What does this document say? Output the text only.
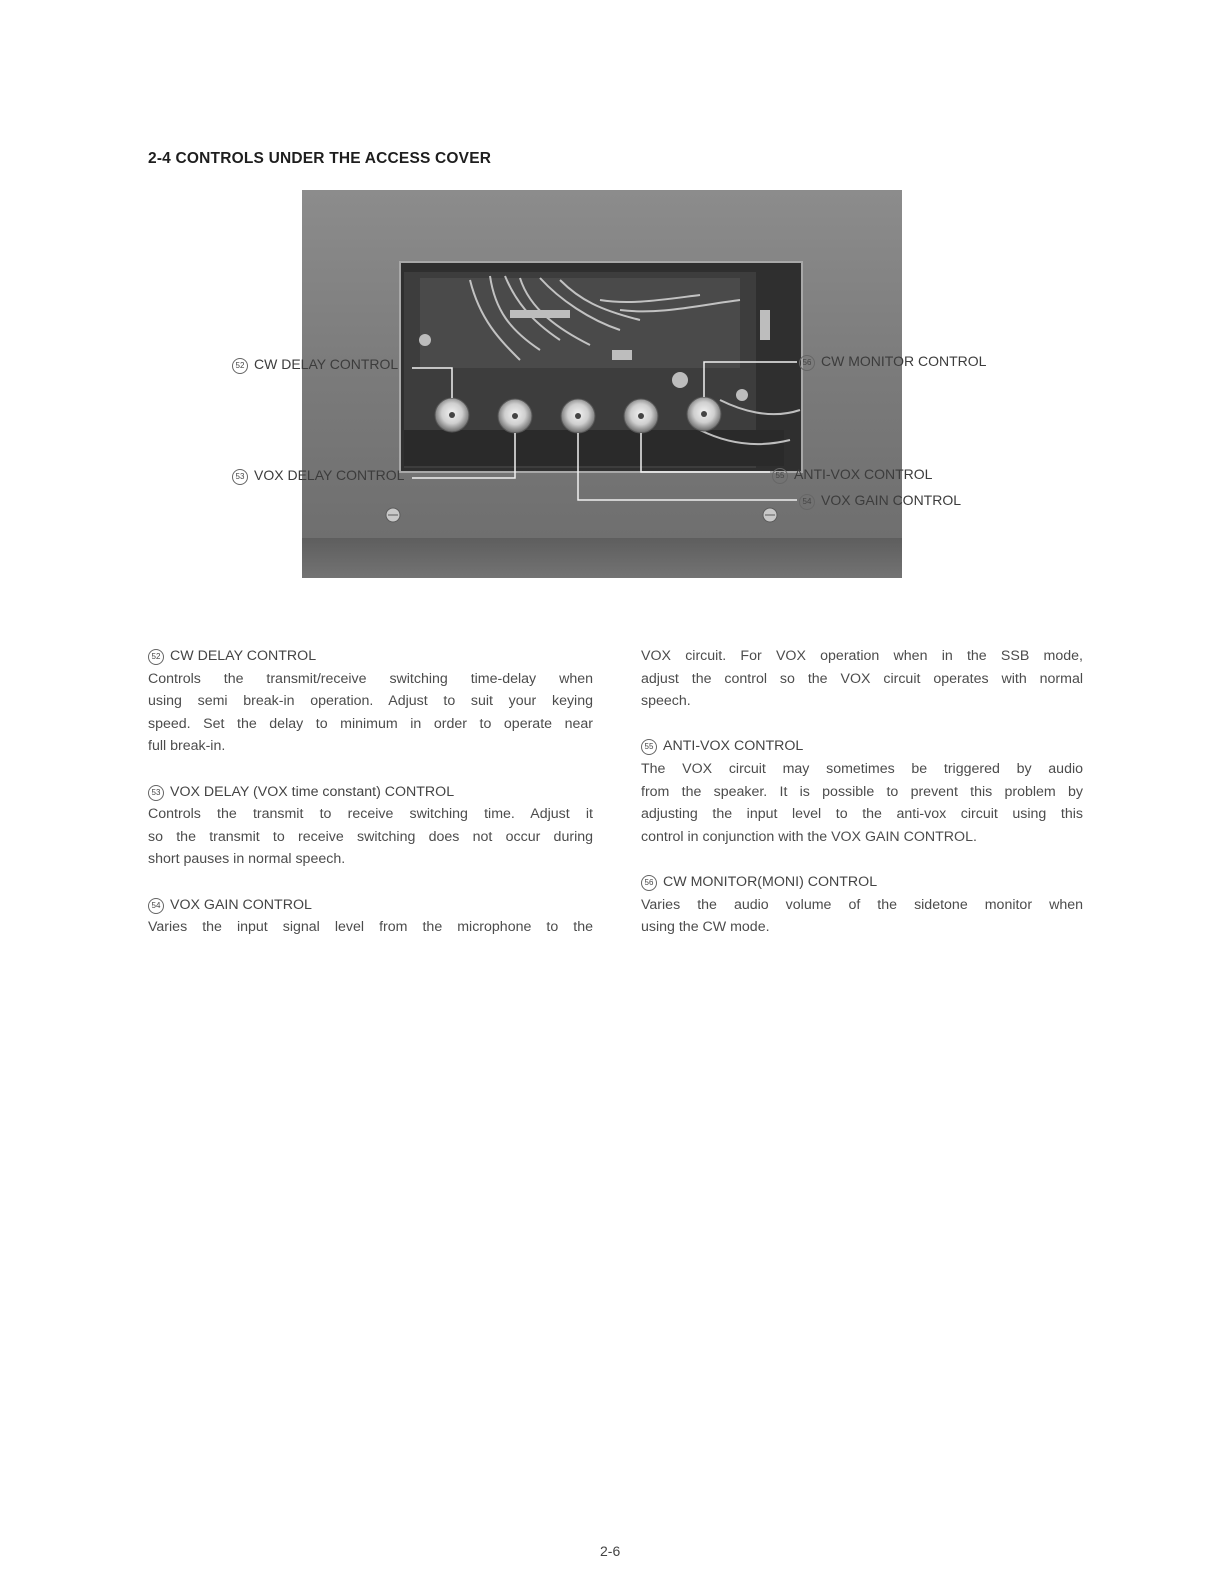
2-4 CONTROLS UNDER THE ACCESS COVER
52 CW DELAY CONTROL
53 VOX DELAY CONTROL
56 CW MONITOR CONTROL
55 ANTI-VOX CONTROL
54 VOX GAIN CONTROL
52 CW DELAY CONTROL

Controls the transmit/receive switching time-delay when

using semi break-in operation. Adjust to suit your keying

speed. Set the delay to minimum in order to operate near

full break-in.

53 VOX DELAY (VOX time constant) CONTROL

Controls the transmit to receive switching time. Adjust it

so the transmit to receive switching does not occur during

short pauses in normal speech.

54 VOX GAIN CONTROL

Varies the input signal level from the microphone to the

VOX circuit. For VOX operation when in the SSB mode,

adjust the control so the VOX circuit operates with normal

speech.

55 ANTI-VOX CONTROL

The VOX circuit may sometimes be triggered by audio

from the speaker. It is possible to prevent this problem by

adjusting the input level to the anti-vox circuit using this

control in conjunction with the VOX GAIN CONTROL.

56 CW MONITOR(MONI) CONTROL

Varies the audio volume of the sidetone monitor when

using the CW mode.

2-6
